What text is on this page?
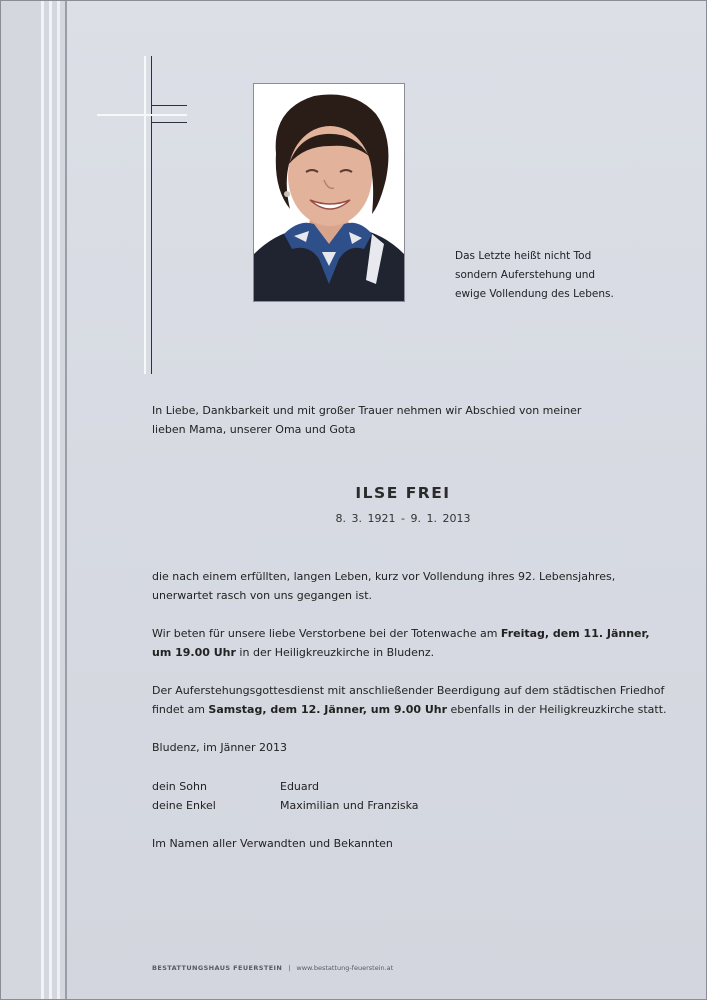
Das Letzte heißt nicht Tod
sondern Auferstehung und
ewige Vollendung des Lebens.
In Liebe, Dankbarkeit und mit großer Trauer nehmen wir Abschied von meiner
lieben Mama, unserer Oma und Gota
ILSE FREI
8. 3. 1921 - 9. 1. 2013
die nach einem erfüllten, langen Leben, kurz vor Vollendung ihres 92. Lebensjahres,
unerwartet rasch von uns gegangen ist.
Wir beten für unsere liebe Verstorbene bei der Totenwache am Freitag, dem 11. Jänner,
um 19.00 Uhr in der Heiligkreuzkirche in Bludenz.
Der Auferstehungsgottesdienst mit anschließender Beerdigung auf dem städtischen Friedhof
findet am Samstag, dem 12. Jänner, um 9.00 Uhr ebenfalls in der Heiligkreuzkirche statt.
Bludenz, im Jänner 2013
dein Sohn	Eduard
deine Enkel	Maximilian und Franziska
Im Namen aller Verwandten und Bekannten
BESTATTUNGSHAUS FEUERSTEIN | www.bestattung-feuerstein.at
